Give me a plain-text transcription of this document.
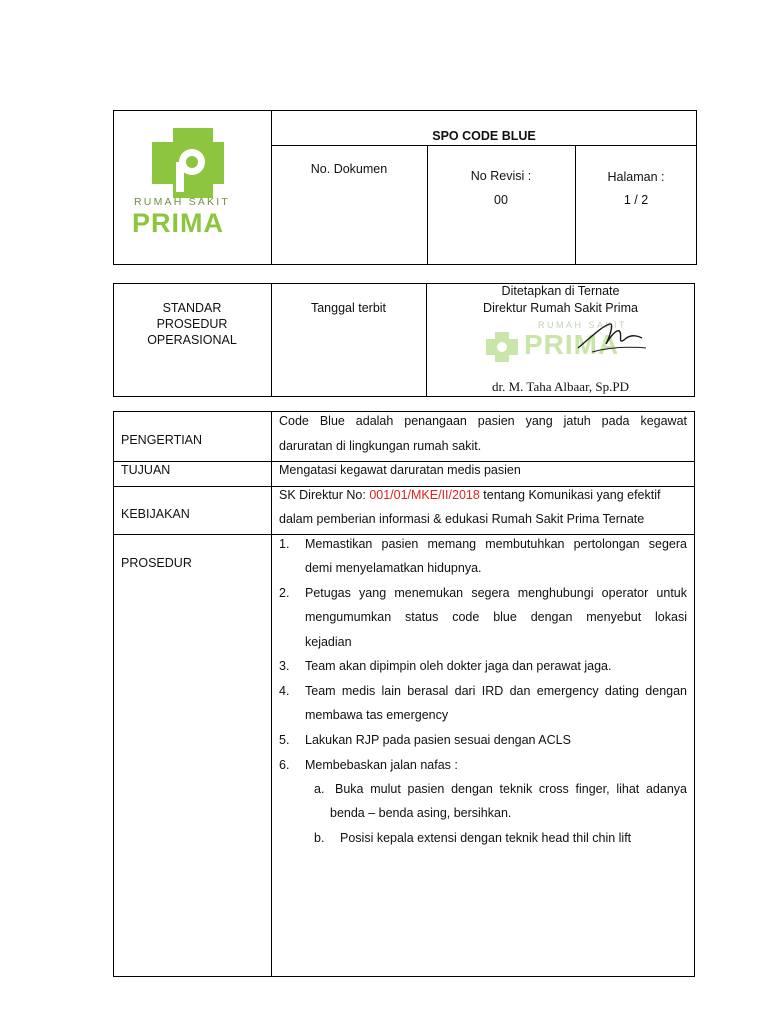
RUMAH SAKIT
PRIMA
SPO CODE BLUE
No. Dokumen	No Revisi :
00
Halaman :
1 / 2
STANDAR
PROSEDUR
OPERASIONAL
Tanggal terbit
Ditetapkan di Ternate
Direktur Rumah Sakit Prima
RUMAH SAKIT
PRIMA
dr. M. Taha Albaar, Sp.PD
PENGERTIAN
Code Blue adalah penangaan pasien yang jatuh pada kegawat
daruratan di lingkungan rumah sakit.
TUJUAN	Mengatasi kegawat daruratan medis pasien
KEBIJAKAN
SK Direktur No: 001/01/MKE/II/2018 tentang Komunikasi yang efektif
dalam pemberian informasi & edukasi Rumah Sakit Prima Ternate
PROSEDUR
1. Memastikan pasien memang membutuhkan pertolongan segera
demi menyelamatkan hidupnya.
2. Petugas yang menemukan segera menghubungi operator untuk
mengumumkan status code blue dengan menyebut lokasi
kejadian
3. Team akan dipimpin oleh dokter jaga dan perawat jaga.
4. Team medis lain berasal dari IRD dan emergency dating dengan
membawa tas emergency
5. Lakukan RJP pada pasien sesuai dengan ACLS
6. Membebaskan jalan nafas :
a. Buka mulut pasien dengan teknik cross finger, lihat adanya
benda – benda asing, bersihkan.
b. Posisi kepala extensi dengan teknik head thil chin lift
